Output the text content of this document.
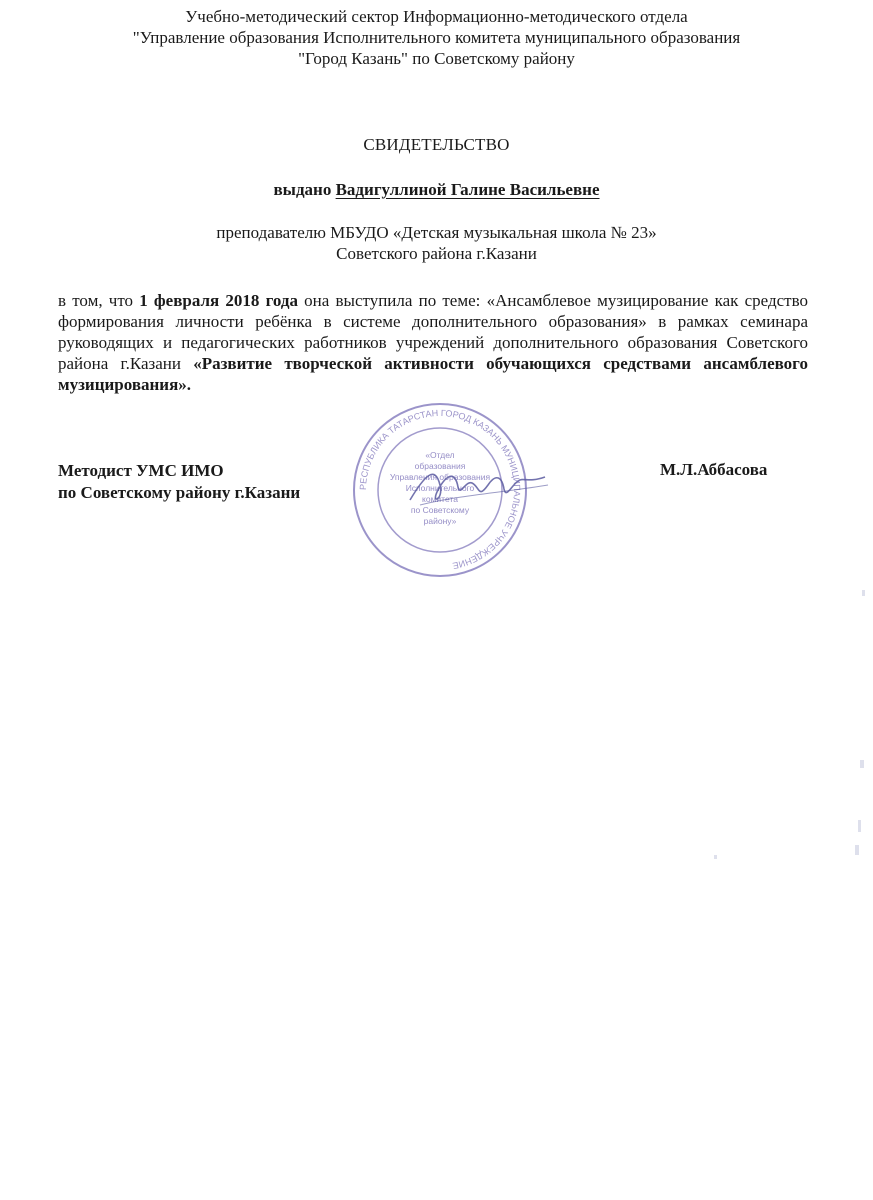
Учебно-методический сектор Информационно-методического отдела
"Управление образования Исполнительного комитета муниципального образования
"Город Казань" по Советскому району
СВИДЕТЕЛЬСТВО
выдано Вадигуллиной Галине Васильевне
преподавателю МБУДО «Детская музыкальная школа № 23»
Советского района г.Казани
в том, что 1 февраля 2018 года она выступила по теме: «Ансамблевое музицирование как средство формирования личности ребёнка в системе дополнительного образования» в рамках семинара руководящих и педагогических работников учреждений дополнительного образования Советского района г.Казани «Развитие творческой активности обучающихся средствами ансамблевого музицирования».
Методист УМС ИМО
по Советскому району г.Казани
М.Л.Аббасова
РЕСПУБЛИКА ТАТАРСТАН ГОРОД КАЗАНЬ МУНИЦИПАЛЬНОЕ УЧРЕЖДЕНИЕ
«Отдел
образования
Управления образования
Исполнительного
комитета
по Советскому
району»
